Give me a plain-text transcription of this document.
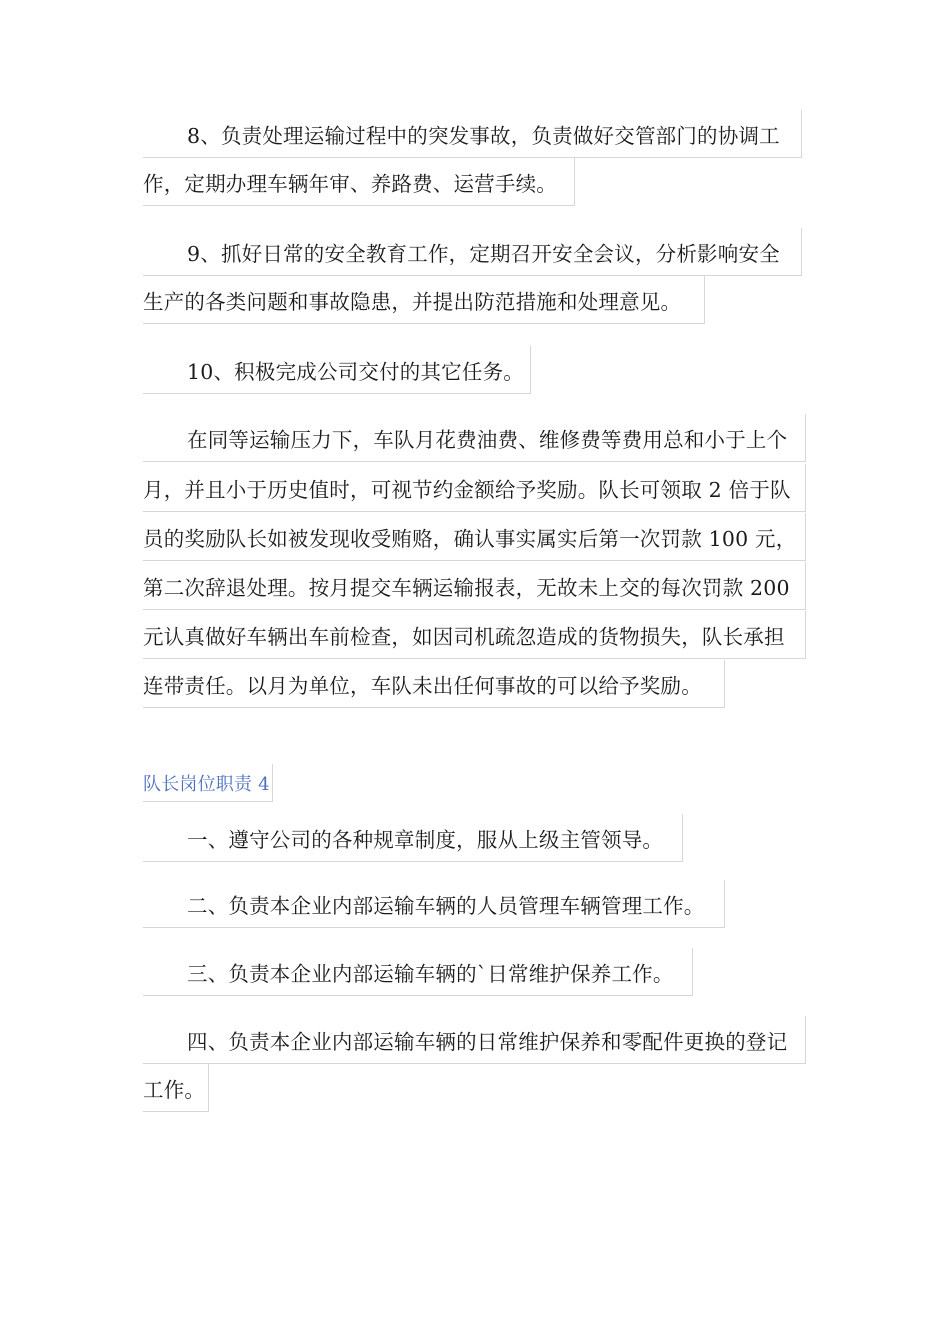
8、负责处理运输过程中的突发事故，负责做好交管部门的协调工
作，定期办理车辆年审、养路费、运营手续。
9、抓好日常的安全教育工作，定期召开安全会议，分析影响安全
生产的各类问题和事故隐患，并提出防范措施和处理意见。
10、积极完成公司交付的其它任务。
在同等运输压力下，车队月花费油费、维修费等费用总和小于上个
月，并且小于历史值时，可视节约金额给予奖励。队长可领取 2 倍于队
员的奖励队长如被发现收受贿赂，确认事实属实后第一次罚款 100 元，
第二次辞退处理。按月提交车辆运输报表，无故未上交的每次罚款 200
元认真做好车辆出车前检查，如因司机疏忽造成的货物损失，队长承担
连带责任。以月为单位，车队未出任何事故的可以给予奖励。
队长岗位职责 4
一、遵守公司的各种规章制度，服从上级主管领导。
二、负责本企业内部运输车辆的人员管理车辆管理工作。
三、负责本企业内部运输车辆的`日常维护保养工作。
四、负责本企业内部运输车辆的日常维护保养和零配件更换的登记
工作。
